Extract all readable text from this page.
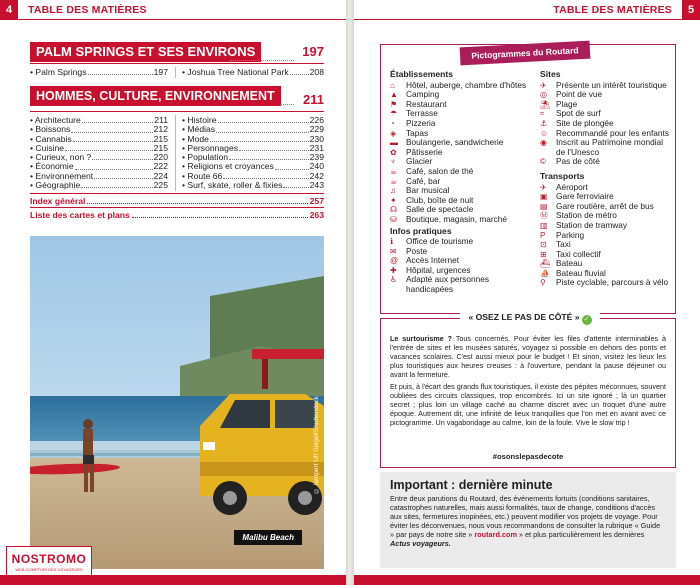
4	TABLE DES MATIÈRES
PALM SPRINGS ET SES ENVIRONS	197
• Palm Springs	197 • Joshua Tree National Park 208
HOMMES, CULTURE, ENVIRONNEMENT	211
• Architecture	211
• Boissons	212
• Cannabis	215
• Cuisine	215
• Curieux, non ?	220
• Économie	222
• Environnement	224
• Géographie	225
• Histoire	226
• Médias	229
• Mode	230
• Personnages	231
• Population	239
• Religions et croyances	240
• Route 66	242
• Surf, skate, roller & fixies	243
Index général	257
Liste des cartes et plans	263
Malibu Beach
© lampert Ulf Seigel/Shutterstock
NOSTROMO
WEB COMPTOIR DES VOYAGEURS
TABLE DES MATIÈRES	5
Pictogrammes du Routard
Établissements
⌂	Hôtel, auberge, chambre d'hôtes
▲ Camping
⚑	Restaurant
☂	Terrasse
◔	Pizzeria
◈	Tapas
▬ Boulangerie, sandwicherie
✿	Pâtisserie
♆	Glacier
☕	Café, salon de thé
☕	Café, bar
♫	Bar musical
✦	Club, boîte de nuit
☊	Salle de spectacle
⛁	Boutique, magasin, marché
Infos pratiques
ℹ	Office de tourisme
✉	Poste
@ Accès Internet
✚	Hôpital, urgences
♿	Adapté aux personnes handicapées
Sites
✈	Présente un intérêt touristique
◎	Point de vue
⛱ Plage
≈	Spot de surf
⚓	Site de plongée
☺ Recommandé pour les enfants
◉	Inscrit au Patrimoine mondial de l'Unesco
©	Pas de côté
Transports
✈	Aéroport
▣	Gare ferroviaire
▤	Gare routière, arrêt de bus
Ⓜ Station de métro
▥	Station de tramway
P	Parking
⊡	Taxi
⊞	Taxi collectif
⛴ Bateau
⛵ Bateau fluvial
⚲	Piste cyclable, parcours à vélo
« OSEZ LE PAS DE CÔTÉ » ✓

Le surtourisme ? Tous concernés. Pour éviter les files d'attente interminables à l'entrée de sites et les musées saturés, voyagez si possible en dehors des ponts et vacances scolaires. C'est aussi mieux pour le budget ! Et sinon, visitez les lieux les plus touristiques aux heures creuses : à l'ouverture, pendant la pause déjeuner ou avant la fermeture.

Et puis, à l'écart des grands flux touristiques, il existe des pépites méconnues, souvent oubliées des circuits classiques, trop encombrés. Ici un site ignoré ; là un quartier secret ; plus loin un village caché au charme discret avec un troquet d'une autre époque. Autrement dit, une infinité de lieux tranquilles que l'on met en avant avec ce pictogramme. Un vagabondage au calme, loin de la foule. Vive le slow trip !

#osonslepasdecote
Important : dernière minute

Entre deux parutions du Routard, des événements fortuits (conditions sanitaires, catastrophes naturelles, mais aussi formalités, taux de change, conditions d'accès aux sites, fermetures inopinées, etc.) peuvent modifier vos projets de voyage. Pour éviter les déconvenues, nous vous recommandons de consulter la rubrique « Guide » par pays de notre site » routard.com » et plus particulièrement les dernières Actus voyageurs.
